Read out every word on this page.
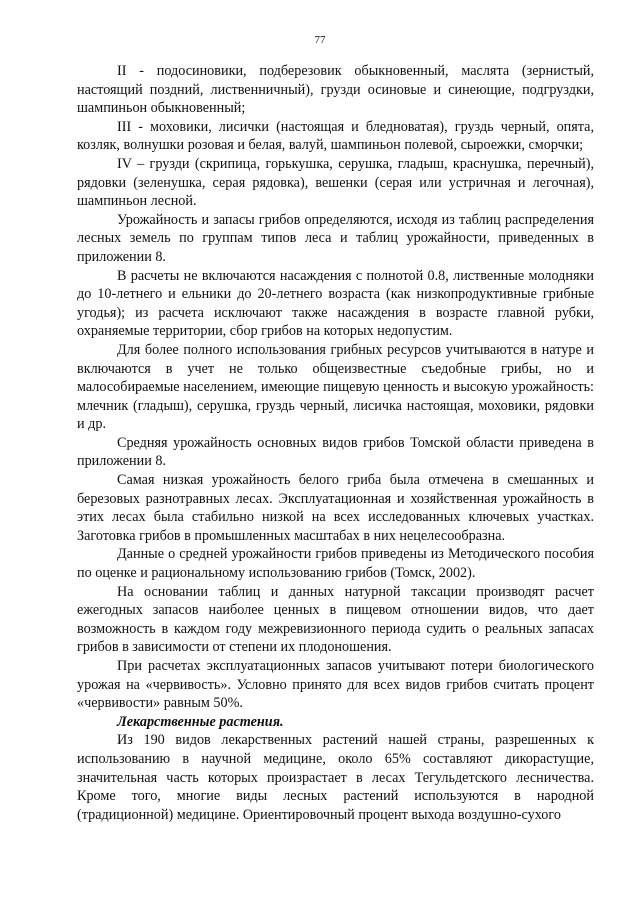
77

II - подосиновики, подберезовик обыкновенный, маслята (зернистый, настоящий поздний, лиственничный), грузди осиновые и синеющие, подгруздки, шампиньон обыкновенный;

III - моховики, лисички (настоящая и бледноватая), груздь черный, опята, козляк, волнушки розовая и белая, валуй, шампиньон полевой, сыроежки, сморчки;

IV – грузди (скрипица, горькушка, серушка, гладыш, краснушка, перечный), рядовки (зеленушка, серая рядовка), вешенки (серая или устричная и легочная), шампиньон лесной.

Урожайность и запасы грибов определяются, исходя из таблиц распределения лесных земель по группам типов леса и таблиц урожайности, приведенных в приложении 8.

В расчеты не включаются насаждения с полнотой 0.8, лиственные молодняки до 10-летнего и ельники до 20-летнего возраста (как низкопродуктивные грибные угодья); из расчета исключают также насаждения в возрасте главной рубки, охраняемые территории, сбор грибов на которых недопустим.

Для более полного использования грибных ресурсов учитываются в натуре и включаются в учет не только общеизвестные съедобные грибы, но и малособираемые населением, имеющие пищевую ценность и высокую урожайность: млечник (гладыш), серушка, груздь черный, лисичка настоящая, моховики, рядовки и др.

Средняя урожайность основных видов грибов Томской области приведена в приложении 8.

Самая низкая урожайность белого гриба была отмечена в смешанных и березовых разнотравных лесах. Эксплуатационная и хозяйственная урожайность в этих лесах была стабильно низкой на всех исследованных ключевых участках. Заготовка грибов в промышленных масштабах в них нецелесообразна.

Данные о средней урожайности грибов приведены из Методического пособия по оценке и рациональному использованию грибов (Томск, 2002).

На основании таблиц и данных натурной таксации производят расчет ежегодных запасов наиболее ценных в пищевом отношении видов, что дает возможность в каждом году межревизионного периода судить о реальных запасах грибов в зависимости от степени их плодоношения.

При расчетах эксплуатационных запасов учитывают потери биологического урожая на «червивость». Условно принято для всех видов грибов считать процент «червивости» равным 50%.

Лекарственные растения.

Из 190 видов лекарственных растений нашей страны, разрешенных к использованию в научной медицине, около 65% составляют дикорастущие, значительная часть которых произрастает в лесах Тегульдетского лесничества. Кроме того, многие виды лесных растений используются в народной (традиционной) медицине. Ориентировочный процент выхода воздушно-сухого
